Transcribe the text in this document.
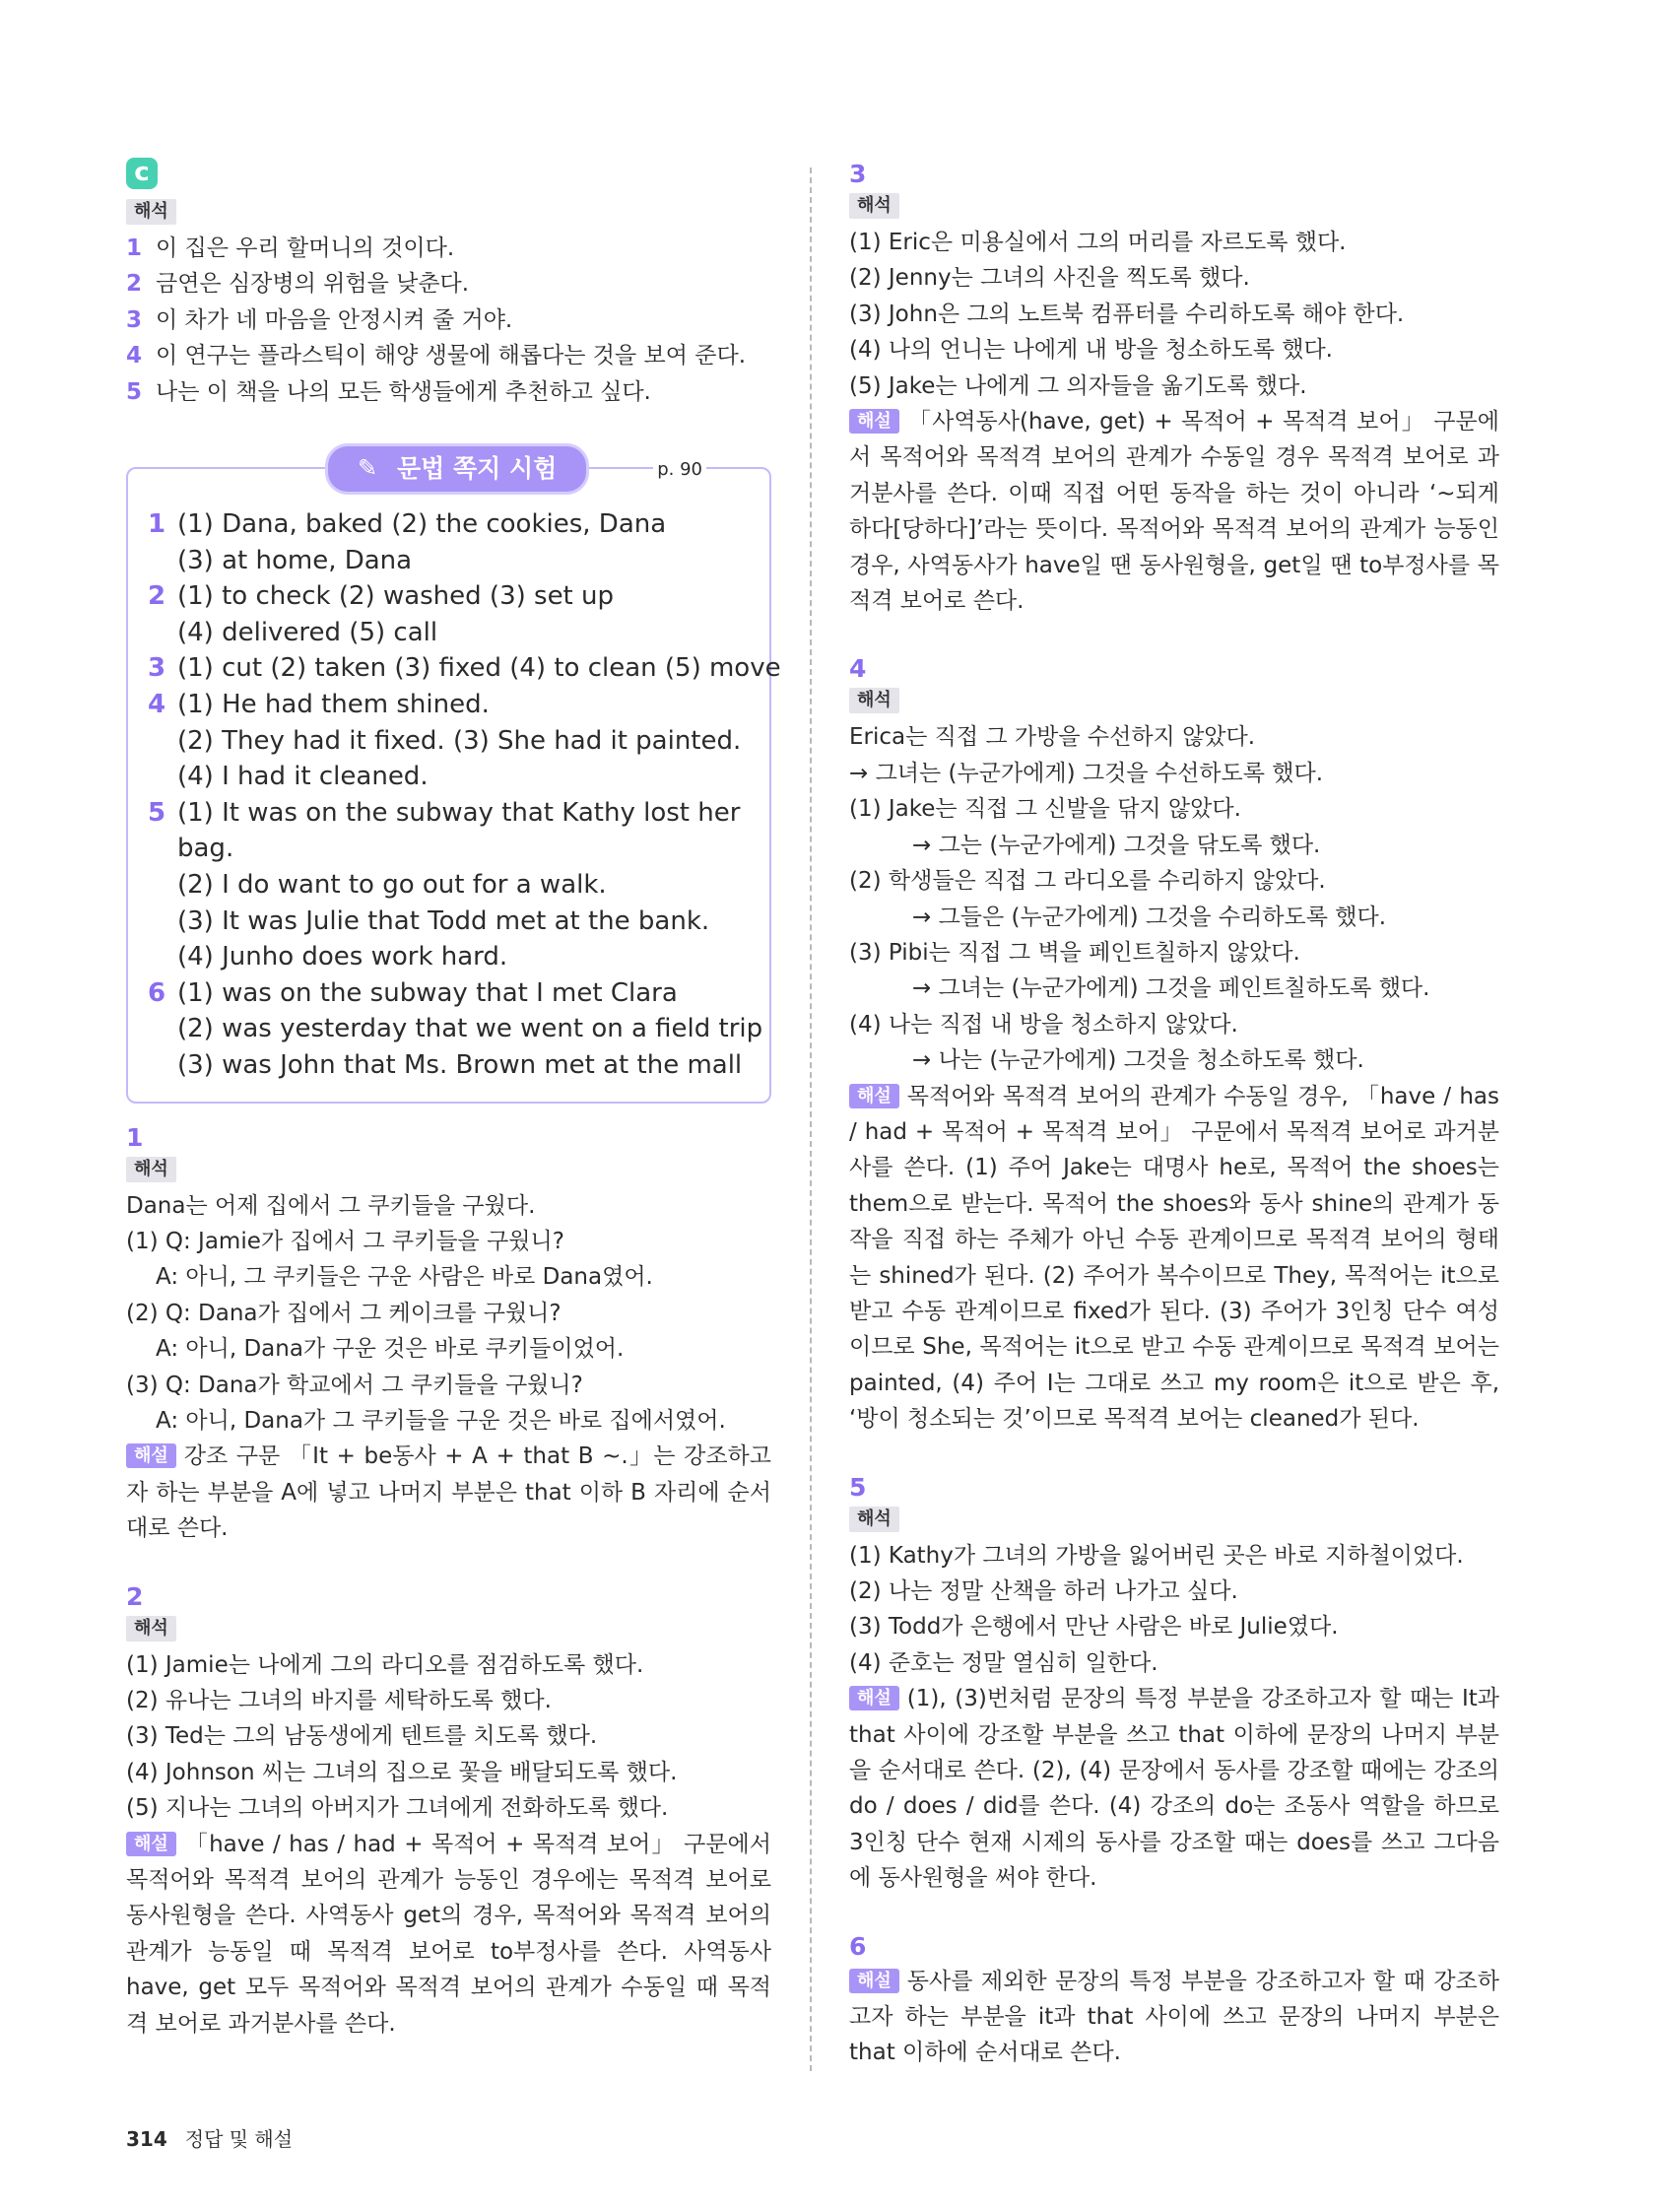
c
해석
1 이 집은 우리 할머니의 것이다.
2 금연은 심장병의 위험을 낮춘다.
3 이 차가 네 마음을 안정시켜 줄 거야.
4 이 연구는 플라스틱이 해양 생물에 해롭다는 것을 보여 준다.
5 나는 이 책을 나의 모든 학생들에게 추천하고 싶다.
✎ 문법 쪽지 시험	p. 90
1 (1) Dana, baked (2) the cookies, Dana
(3) at home, Dana
2 (1) to check (2) washed (3) set up
(4) delivered (5) call
3 (1) cut (2) taken (3) fixed (4) to clean (5) move
4 (1) He had them shined.
(2) They had it fixed. (3) She had it painted.
(4) I had it cleaned.
5 (1) It was on the subway that Kathy lost her
bag.
(2) I do want to go out for a walk.
(3) It was Julie that Todd met at the bank.
(4) Junho does work hard.
6 (1) was on the subway that I met Clara
(2) was yesterday that we went on a field trip
(3) was John that Ms. Brown met at the mall
1
해석
Dana는 어제 집에서 그 쿠키들을 구웠다.
(1) Q: Jamie가 집에서 그 쿠키들을 구웠니?
A: 아니, 그 쿠키들은 구운 사람은 바로 Dana였어.
(2) Q: Dana가 집에서 그 케이크를 구웠니?
A: 아니, Dana가 구운 것은 바로 쿠키들이었어.
(3) Q: Dana가 학교에서 그 쿠키들을 구웠니?
A: 아니, Dana가 그 쿠키들을 구운 것은 바로 집에서였어.
해설 강조 구문 「It + be동사 + A + that B ~.」는 강조하고자 하는 부분을 A에 넣고 나머지 부분은 that 이하 B 자리에 순서대로 쓴다.
2
해석
(1) Jamie는 나에게 그의 라디오를 점검하도록 했다.
(2) 유나는 그녀의 바지를 세탁하도록 했다.
(3) Ted는 그의 남동생에게 텐트를 치도록 했다.
(4) Johnson 씨는 그녀의 집으로 꽃을 배달되도록 했다.
(5) 지나는 그녀의 아버지가 그녀에게 전화하도록 했다.
해설 「have / has / had + 목적어 + 목적격 보어」 구문에서 목적어와 목적격 보어의 관계가 능동인 경우에는 목적격 보어로 동사원형을 쓴다. 사역동사 get의 경우, 목적어와 목적격 보어의 관계가 능동일 때 목적격 보어로 to부정사를 쓴다. 사역동사 have, get 모두 목적어와 목적격 보어의 관계가 수동일 때 목적격 보어로 과거분사를 쓴다.
3
해석
(1) Eric은 미용실에서 그의 머리를 자르도록 했다.
(2) Jenny는 그녀의 사진을 찍도록 했다.
(3) John은 그의 노트북 컴퓨터를 수리하도록 해야 한다.
(4) 나의 언니는 나에게 내 방을 청소하도록 했다.
(5) Jake는 나에게 그 의자들을 옮기도록 했다.
해설 「사역동사(have, get) + 목적어 + 목적격 보어」 구문에서 목적어와 목적격 보어의 관계가 수동일 경우 목적격 보어로 과거분사를 쓴다. 이때 직접 어떤 동작을 하는 것이 아니라 ‘~되게 하다[당하다]’라는 뜻이다. 목적어와 목적격 보어의 관계가 능동인 경우, 사역동사가 have일 땐 동사원형을, get일 땐 to부정사를 목적격 보어로 쓴다.
4
해석
Erica는 직접 그 가방을 수선하지 않았다.
→ 그녀는 (누군가에게) 그것을 수선하도록 했다.
(1) Jake는 직접 그 신발을 닦지 않았다.
→ 그는 (누군가에게) 그것을 닦도록 했다.
(2) 학생들은 직접 그 라디오를 수리하지 않았다.
→ 그들은 (누군가에게) 그것을 수리하도록 했다.
(3) Pibi는 직접 그 벽을 페인트칠하지 않았다.
→ 그녀는 (누군가에게) 그것을 페인트칠하도록 했다.
(4) 나는 직접 내 방을 청소하지 않았다.
→ 나는 (누군가에게) 그것을 청소하도록 했다.
해설 목적어와 목적격 보어의 관계가 수동일 경우, 「have / has / had + 목적어 + 목적격 보어」 구문에서 목적격 보어로 과거분사를 쓴다. (1) 주어 Jake는 대명사 he로, 목적어 the shoes는 them으로 받는다. 목적어 the shoes와 동사 shine의 관계가 동작을 직접 하는 주체가 아닌 수동 관계이므로 목적격 보어의 형태는 shined가 된다. (2) 주어가 복수이므로 They, 목적어는 it으로 받고 수동 관계이므로 fixed가 된다. (3) 주어가 3인칭 단수 여성이므로 She, 목적어는 it으로 받고 수동 관계이므로 목적격 보어는 painted, (4) 주어 I는 그대로 쓰고 my room은 it으로 받은 후, ‘방이 청소되는 것’이므로 목적격 보어는 cleaned가 된다.
5
해석
(1) Kathy가 그녀의 가방을 잃어버린 곳은 바로 지하철이었다.
(2) 나는 정말 산책을 하러 나가고 싶다.
(3) Todd가 은행에서 만난 사람은 바로 Julie였다.
(4) 준호는 정말 열심히 일한다.
해설 (1), (3)번처럼 문장의 특정 부분을 강조하고자 할 때는 It과 that 사이에 강조할 부분을 쓰고 that 이하에 문장의 나머지 부분을 순서대로 쓴다. (2), (4) 문장에서 동사를 강조할 때에는 강조의 do / does / did를 쓴다. (4) 강조의 do는 조동사 역할을 하므로 3인칭 단수 현재 시제의 동사를 강조할 때는 does를 쓰고 그다음에 동사원형을 써야 한다.
6
해설 동사를 제외한 문장의 특정 부분을 강조하고자 할 때 강조하고자 하는 부분을 it과 that 사이에 쓰고 문장의 나머지 부분은 that 이하에 순서대로 쓴다.
314 정답 및 해설
